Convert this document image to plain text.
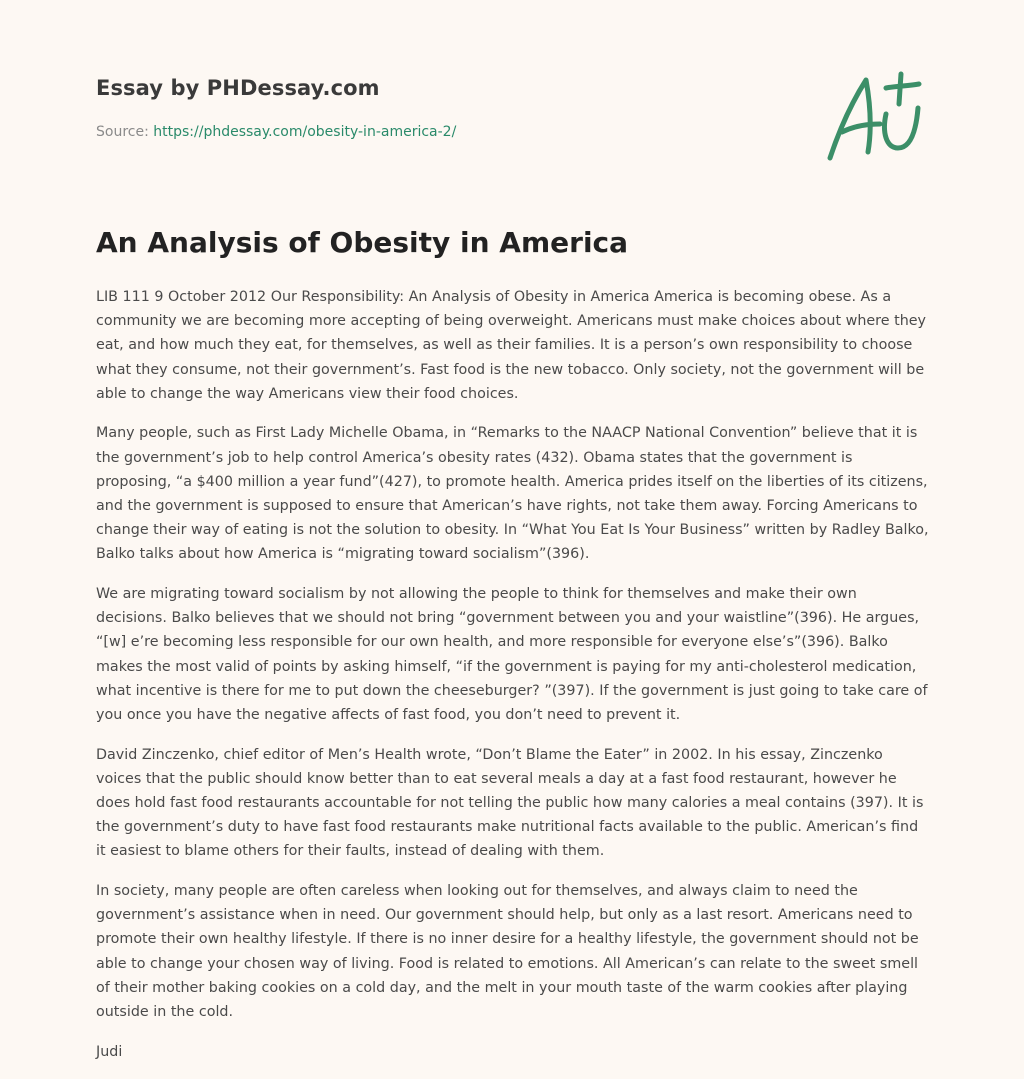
Essay by PHDessay.com
Source: https://phdessay.com/obesity-in-america-2/
An Analysis of Obesity in America

LIB 111 9 October 2012 Our Responsibility: An Analysis of Obesity in America America is becoming obese. As a community we are becoming more accepting of being overweight. Americans must make choices about where they eat, and how much they eat, for themselves, as well as their families. It is a person’s own responsibility to choose what they consume, not their government’s. Fast food is the new tobacco. Only society, not the government will be able to change the way Americans view their food choices.

Many people, such as First Lady Michelle Obama, in “Remarks to the NAACP National Convention” believe that it is the government’s job to help control America’s obesity rates (432). Obama states that the government is proposing, “a $400 million a year fund”(427), to promote health. America prides itself on the liberties of its citizens, and the government is supposed to ensure that American’s have rights, not take them away. Forcing Americans to change their way of eating is not the solution to obesity. In “What You Eat Is Your Business” written by Radley Balko, Balko talks about how America is “migrating toward socialism”(396).

We are migrating toward socialism by not allowing the people to think for themselves and make their own decisions. Balko believes that we should not bring “government between you and your waistline”(396). He argues, “[w] e’re becoming less responsible for our own health, and more responsible for everyone else’s”(396). Balko makes the most valid of points by asking himself, “if the government is paying for my anti-cholesterol medication, what incentive is there for me to put down the cheeseburger? ”(397). If the government is just going to take care of you once you have the negative affects of fast food, you don’t need to prevent it.

David Zinczenko, chief editor of Men’s Health wrote, “Don’t Blame the Eater” in 2002. In his essay, Zinczenko voices that the public should know better than to eat several meals a day at a fast food restaurant, however he does hold fast food restaurants accountable for not telling the public how many calories a meal contains (397). It is the government’s duty to have fast food restaurants make nutritional facts available to the public. American’s find it easiest to blame others for their faults, instead of dealing with them.

In society, many people are often careless when looking out for themselves, and always claim to need the government’s assistance when in need. Our government should help, but only as a last resort. Americans need to promote their own healthy lifestyle. If there is no inner desire for a healthy lifestyle, the government should not be able to change your chosen way of living. Food is related to emotions. All American’s can relate to the sweet smell of their mother baking cookies on a cold day, and the melt in your mouth taste of the warm cookies after playing outside in the cold.

Judi
